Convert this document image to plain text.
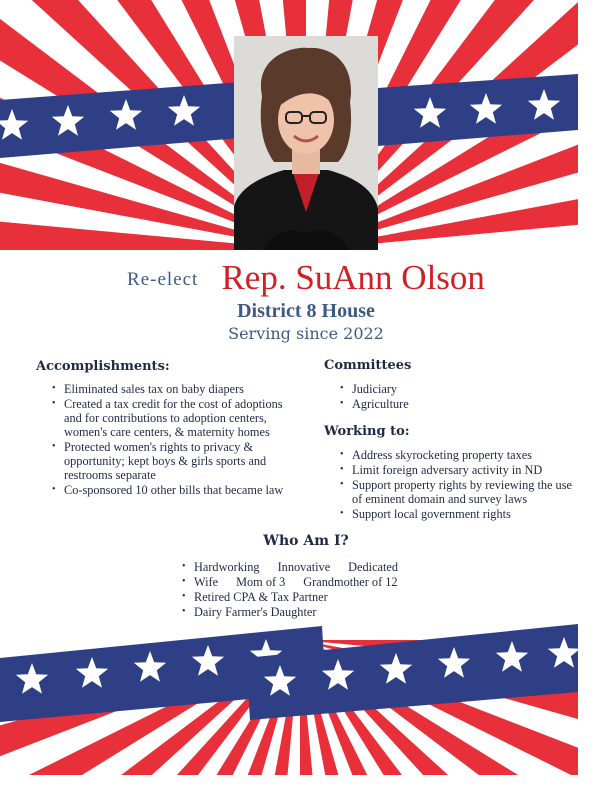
Re-elect Rep. SuAnn Olson
District 8 House
Serving since 2022
Accomplishments:
• Eliminated sales tax on baby diapers
• Created a tax credit for the cost of adoptions and for contributions to adoption centers, women's care centers, & maternity homes
• Protected women's rights to privacy & opportunity; kept boys & girls sports and restrooms separate
• Co-sponsored 10 other bills that became law
Committees
• Judiciary
• Agriculture
Working to:
• Address skyrocketing property taxes
• Limit foreign adversary activity in ND
• Support property rights by reviewing the use of eminent domain and survey laws
• Support local government rights
Who Am I?
• Hardworking Innovative Dedicated
• Wife Mom of 3 Grandmother of 12
• Retired CPA & Tax Partner
• Dairy Farmer's Daughter
